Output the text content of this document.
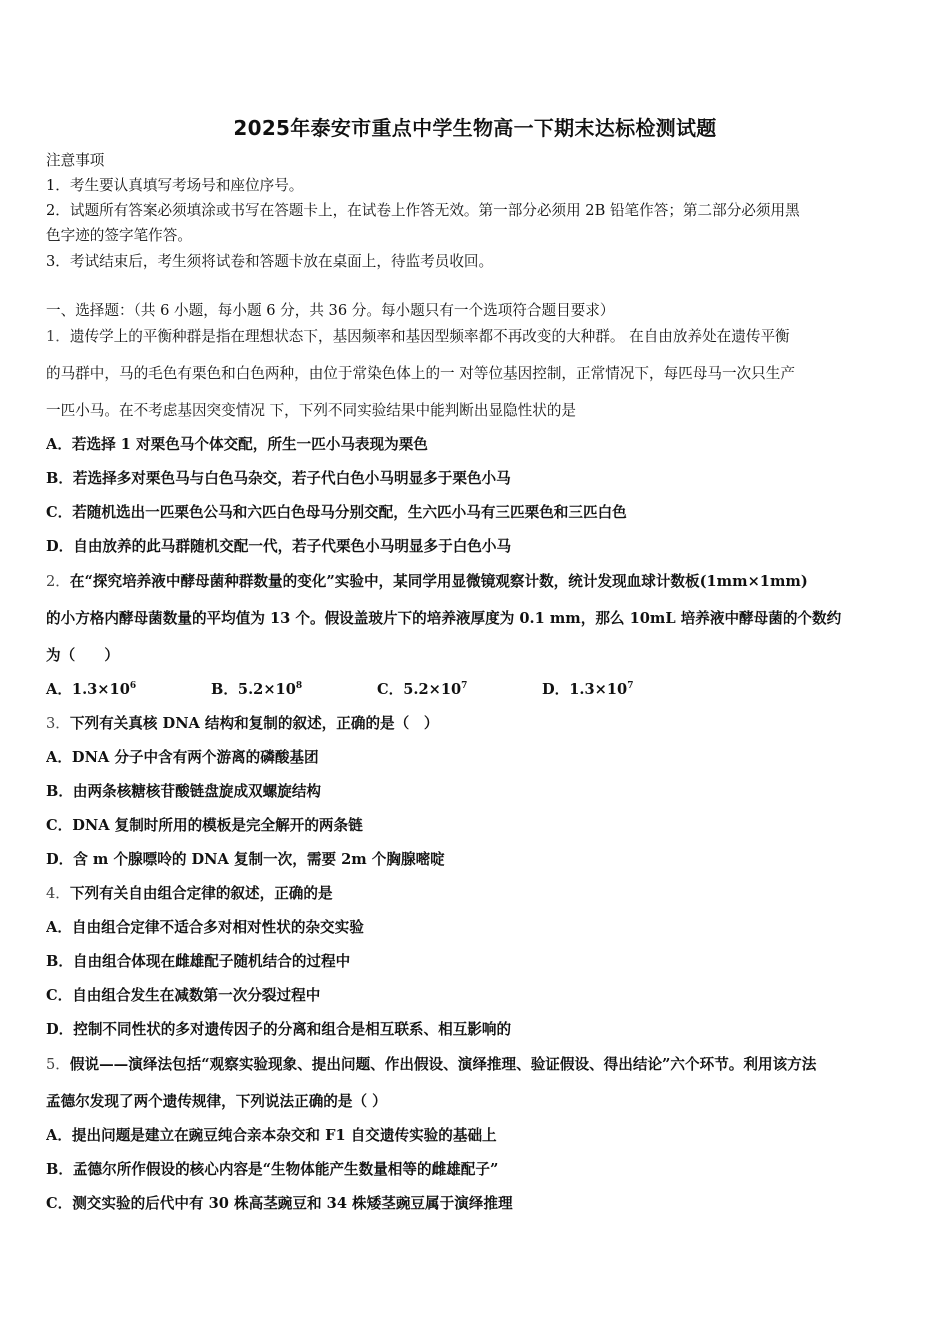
2025年泰安市重点中学生物高一下期末达标检测试题
注意事项
1．考生要认真填写考场号和座位序号。
2．试题所有答案必须填涂或书写在答题卡上，在试卷上作答无效。第一部分必须用 2B 铅笔作答；第二部分必须用黑
色字迹的签字笔作答。
3．考试结束后，考生须将试卷和答题卡放在桌面上，待监考员收回。
一、选择题：（共 6 小题，每小题 6 分，共 36 分。每小题只有一个选项符合题目要求）
1．遗传学上的平衡种群是指在理想状态下，基因频率和基因型频率都不再改变的大种群。 在自由放养处在遗传平衡
的马群中，马的毛色有栗色和白色两种，由位于常染色体上的一 对等位基因控制，正常情况下，每匹母马一次只生产
一匹小马。在不考虑基因突变情况 下，下列不同实验结果中能判断出显隐性状的是
A．若选择 1 对栗色马个体交配，所生一匹小马表现为栗色
B．若选择多对栗色马与白色马杂交，若子代白色小马明显多于栗色小马
C．若随机选出一匹栗色公马和六匹白色母马分别交配，生六匹小马有三匹栗色和三匹白色
D．自由放养的此马群随机交配一代，若子代栗色小马明显多于白色小马
2．在“探究培养液中酵母菌种群数量的变化”实验中，某同学用显微镜观察计数，统计发现血球计数板(1mm×1mm)
的小方格内酵母菌数量的平均值为 13 个。假设盖玻片下的培养液厚度为 0.1 mm，那么 10mL 培养液中酵母菌的个数约
为（　　）
A．$1.3\times 10^6$	B．$5.2\times 10^8$	C．$5.2\times 10^7$	D．$1.3\times 10^7$
3．下列有关真核 DNA 结构和复制的叙述，正确的是（　）
A．DNA 分子中含有两个游离的磷酸基团
B．由两条核糖核苷酸链盘旋成双螺旋结构
C．DNA 复制时所用的模板是完全解开的两条链
D．含 m 个腺嘌呤的 DNA 复制一次，需要 2m 个胸腺嘧啶
4．下列有关自由组合定律的叙述，正确的是
A．自由组合定律不适合多对相对性状的杂交实验
B．自由组合体现在雌雄配子随机结合的过程中
C．自由组合发生在减数第一次分裂过程中
D．控制不同性状的多对遗传因子的分离和组合是相互联系、相互影响的
5．假说——演绎法包括“观察实验现象、提出问题、作出假设、演绎推理、验证假设、得出结论”六个环节。利用该方法
孟德尔发现了两个遗传规律，下列说法正确的是（ ）
A．提出问题是建立在豌豆纯合亲本杂交和 F1 自交遗传实验的基础上
B．孟德尔所作假设的核心内容是“生物体能产生数量相等的雌雄配子”
C．测交实验的后代中有 30 株高茎豌豆和 34 株矮茎豌豆属于演绎推理
